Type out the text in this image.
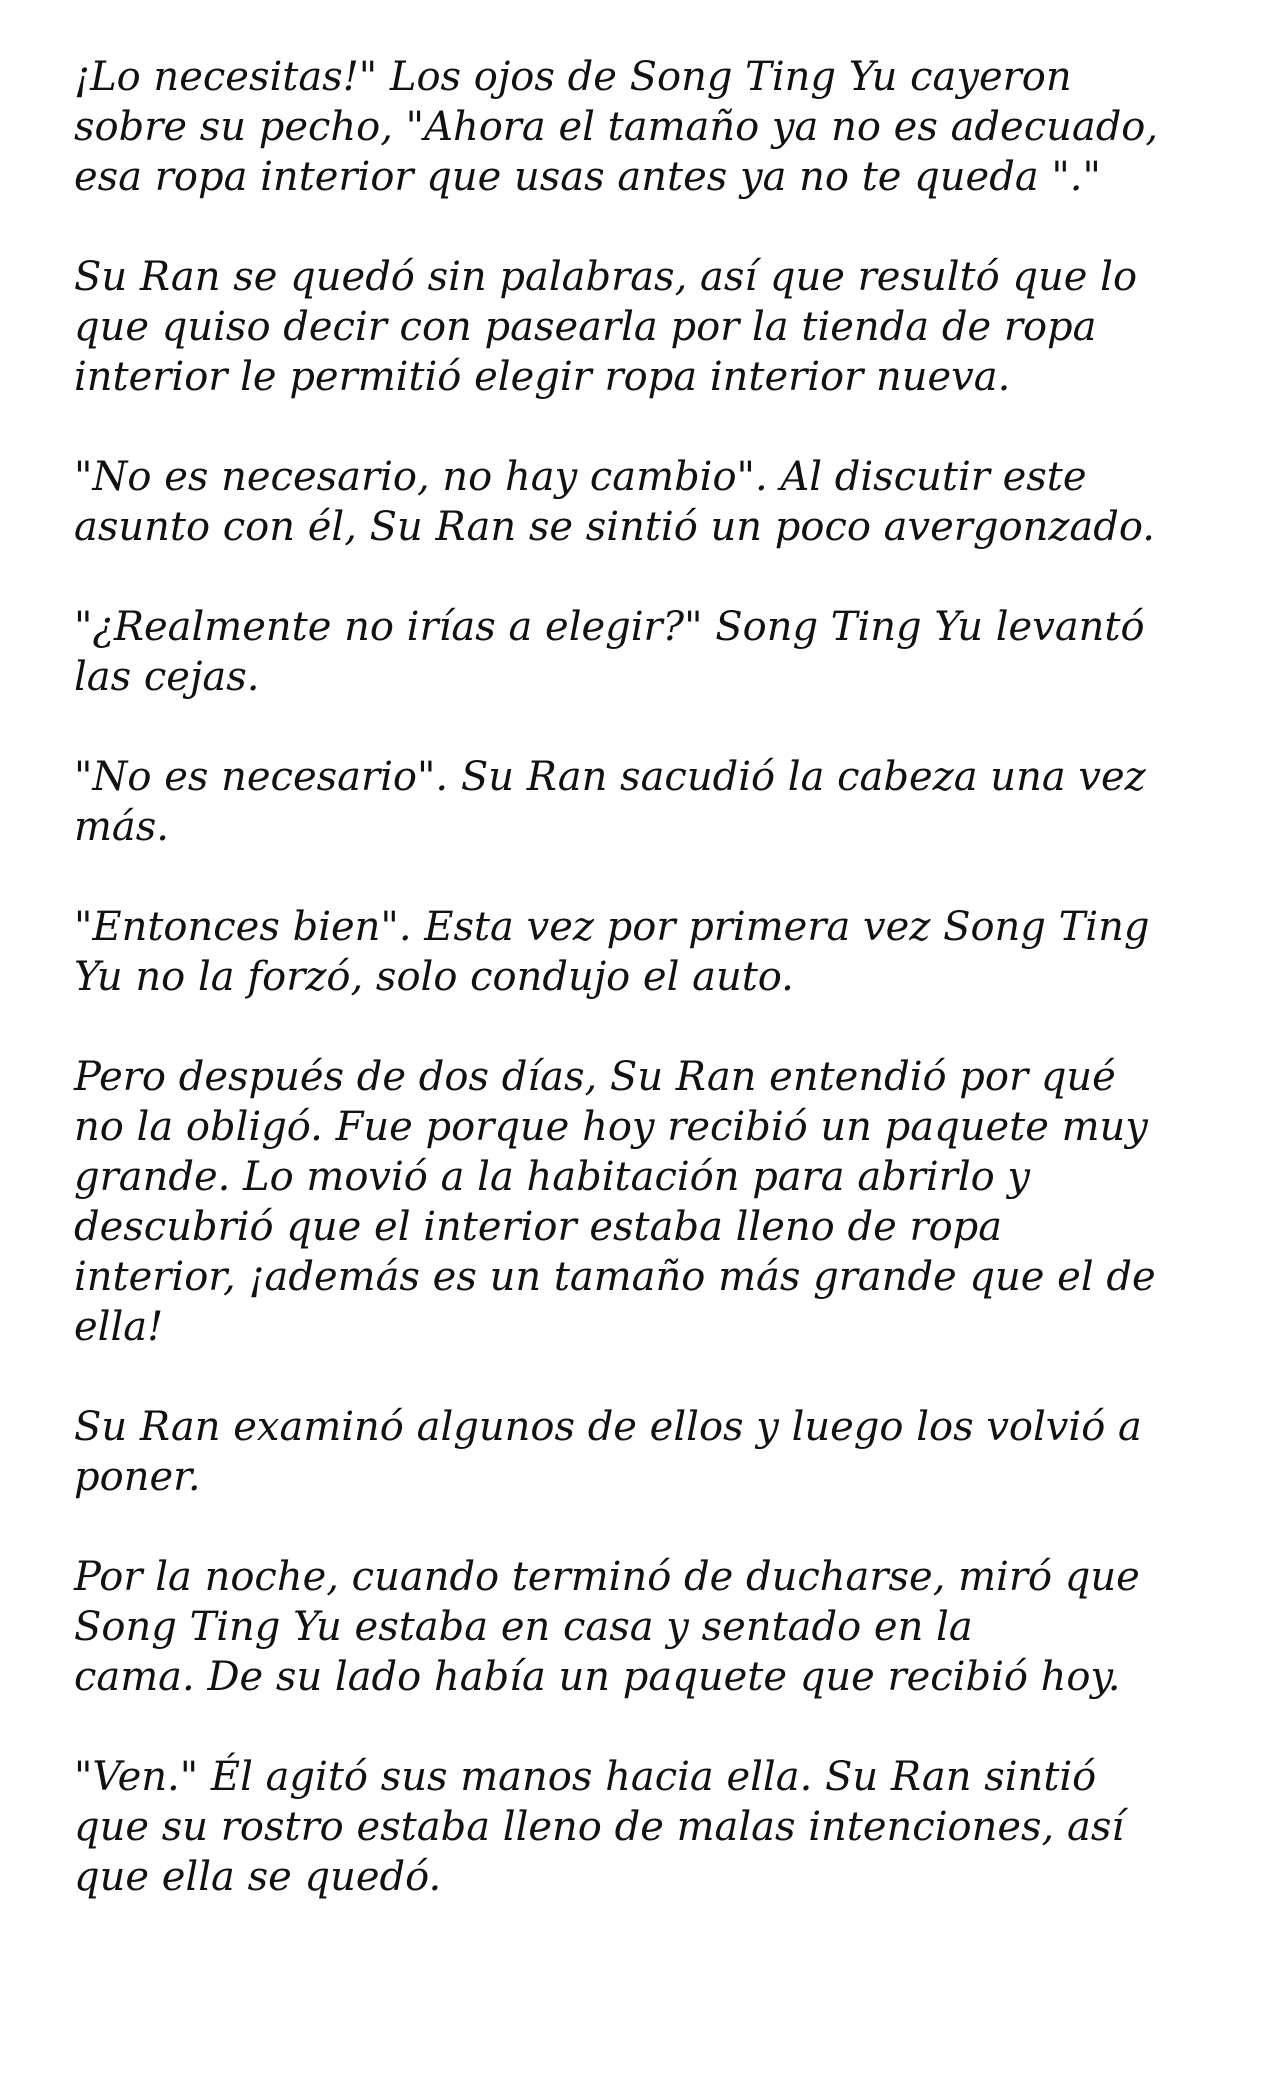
¡Lo necesitas!" Los ojos de Song Ting Yu cayeron
sobre su pecho, "Ahora el tamaño ya no es adecuado,
esa ropa interior que usas antes ya no te queda "."

Su Ran se quedó sin palabras, así que resultó que lo
que quiso decir con pasearla por la tienda de ropa
interior le permitió elegir ropa interior nueva.

"No es necesario, no hay cambio". Al discutir este
asunto con él, Su Ran se sintió un poco avergonzado.

"¿Realmente no irías a elegir?" Song Ting Yu levantó
las cejas.

"No es necesario". Su Ran sacudió la cabeza una vez
más.

"Entonces bien". Esta vez por primera vez Song Ting
Yu no la forzó, solo condujo el auto.

Pero después de dos días, Su Ran entendió por qué
no la obligó. Fue porque hoy recibió un paquete muy
grande. Lo movió a la habitación para abrirlo y
descubrió que el interior estaba lleno de ropa
interior, ¡además es un tamaño más grande que el de
ella!

Su Ran examinó algunos de ellos y luego los volvió a
poner.

Por la noche, cuando terminó de ducharse, miró que
Song Ting Yu estaba en casa y sentado en la
cama. De su lado había un paquete que recibió hoy.

"Ven." Él agitó sus manos hacia ella. Su Ran sintió
que su rostro estaba lleno de malas intenciones, así
que ella se quedó.
